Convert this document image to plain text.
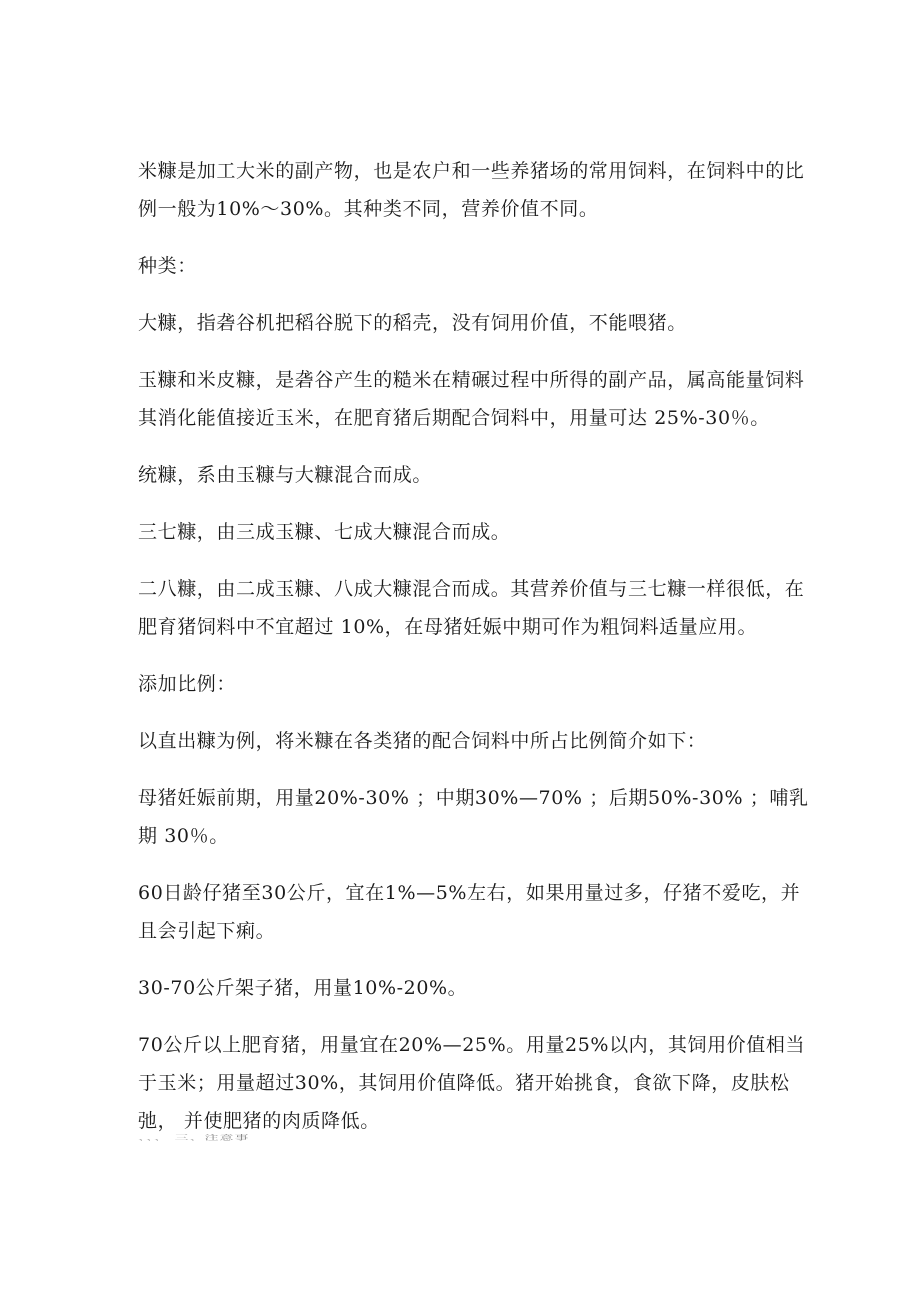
米糠是加工大米的副产物，也是农户和一些养猪场的常用饲料，在饲料中的比例一般为10%～30%。其种类不同，营养价值不同。

种类：

大糠，指砻谷机把稻谷脱下的稻壳，没有饲用价值，不能喂猪。

玉糠和米皮糠，是砻谷产生的糙米在精碾过程中所得的副产品，属高能量饲料其消化能值接近玉米，在肥育猪后期配合饲料中，用量可达 25%-30％。

统糠，系由玉糠与大糠混合而成。

三七糠，由三成玉糠、七成大糠混合而成。

二八糠，由二成玉糠、八成大糠混合而成。其营养价值与三七糠一样很低，在肥育猪饲料中不宜超过 10%，在母猪妊娠中期可作为粗饲料适量应用。

添加比例：

以直出糠为例，将米糠在各类猪的配合饲料中所占比例简介如下：

母猪妊娠前期，用量20%-30% ；中期30%—70% ；后期50%-30% ；哺乳期 30％。

60日龄仔猪至30公斤，宜在1%—5%左右，如果用量过多，仔猪不爱吃，并 且会引起下痢。

30-70公斤架子猪，用量10%-20%。

70公斤以上肥育猪，用量宜在20%—25%。用量25%以内，其饲用价值相当 于玉米；用量超过30%，其饲用价值降低。猪开始挑食，食欲下降，皮肤松弛， 并使肥猪的肉质降低。

、、、 三、注意事
